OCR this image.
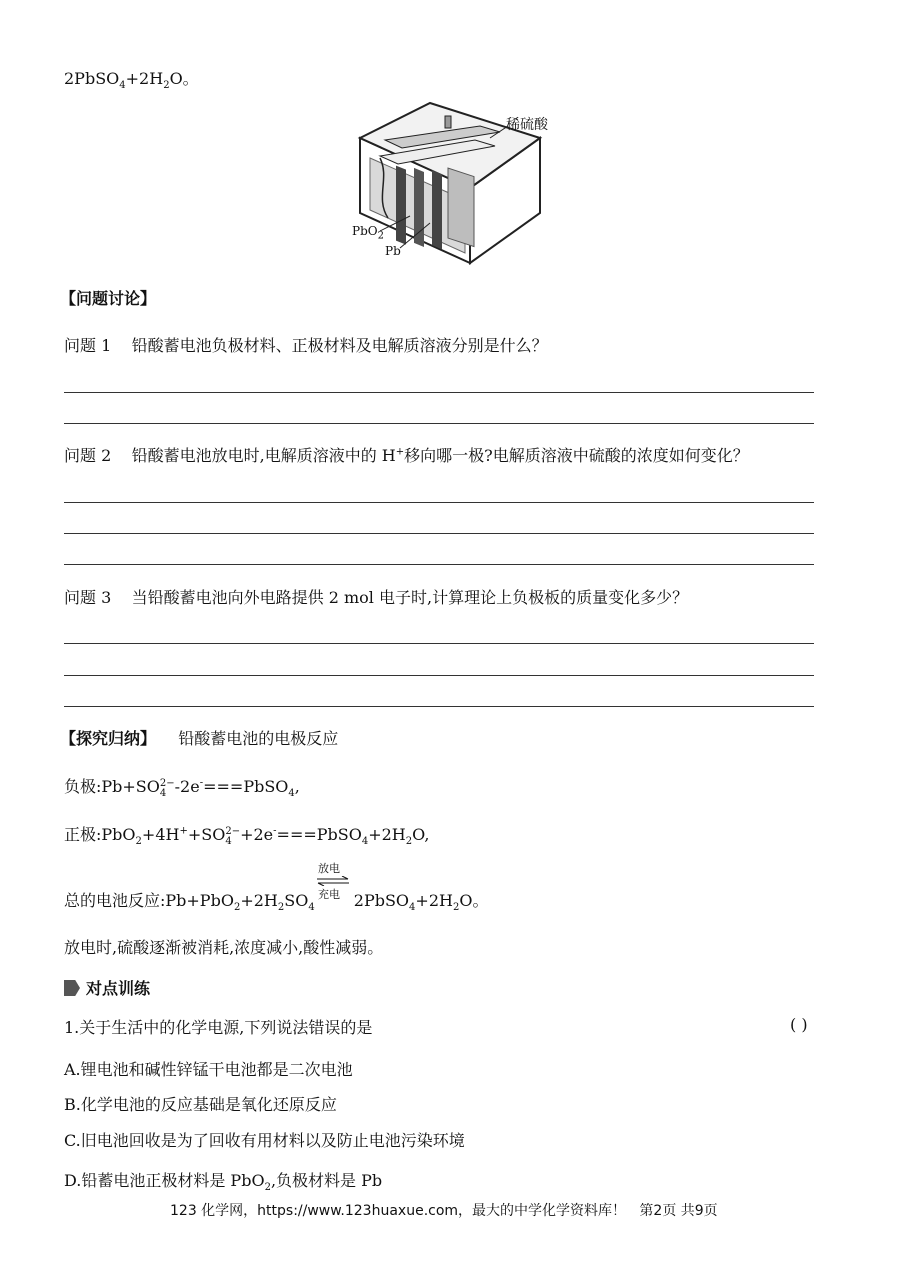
$2PbSO_4+2H_2O$。
稀硫酸
PbO$_2$
Pb
【问题讨论】
问题 1 铅酸蓄电池负极材料、正极材料及电解质溶液分别是什么？
问题 2 铅酸蓄电池放电时,电解质溶液中的 H+移向哪一极?电解质溶液中硫酸的浓度如何变化？
问题 3 当铅酸蓄电池向外电路提供 2 mol 电子时,计算理论上负极板的质量变化多少？
【探究归纳】 铅酸蓄电池的电极反应
负极:Pb+SO 2−
4 -2e-===PbSO$_4$,
正极:PbO$_2$+4H++SO 2−
$4 +2e^-===PbSO_4+2H_2O$,
总的电池反应$:Pb+PbO_2+2H_2SO_4$ $2PbSO_4+2H_2O$。
放电
充电
放电时,硫酸逐渐被消耗,浓度减小,酸性减弱。
对点训练
1.关于生活中的化学电源,下列说法错误的是	( )
A.锂电池和碱性锌锰干电池都是二次电池
B.化学电池的反应基础是氧化还原反应
C.旧电池回收是为了回收有用材料以及防止电池污染环境
D.铅蓄电池正极材料是 PbO$_2$,负极材料是 Pb
123 化学网，https://www.123huaxue.com，最大的中学化学资料库！ 第2页 共9页
